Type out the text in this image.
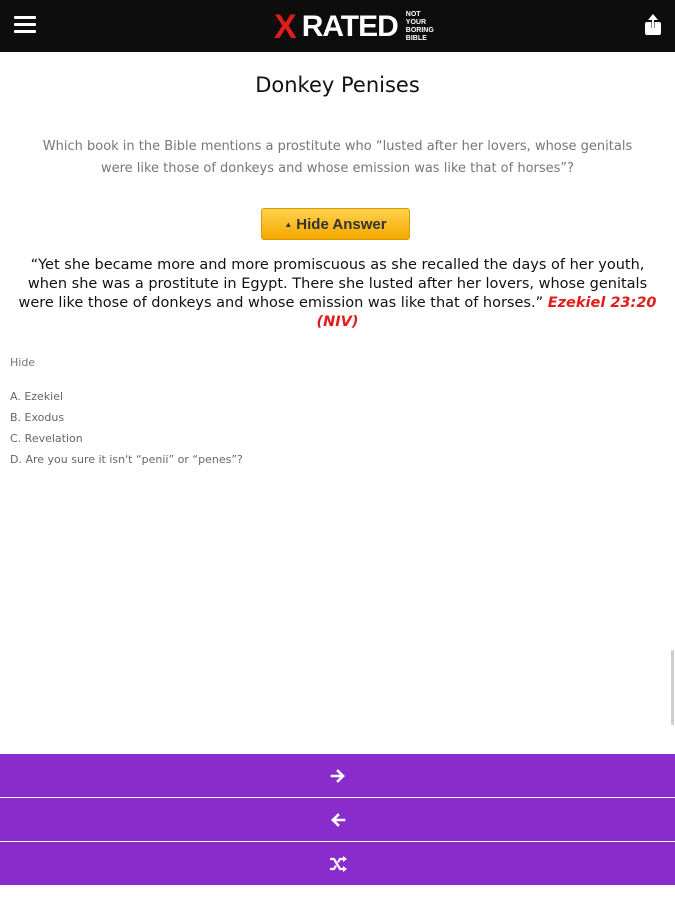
X RATED NOT YOUR
BORING
BIBLE
Donkey Penises
Which book in the Bible mentions a prostitute who “lusted after her lovers, whose genitals were like those of donkeys and whose emission was like that of horses”?
▲ Hide Answer
“Yet she became more and more promiscuous as she recalled the days of her youth, when she was a prostitute in Egypt. There she lusted after her lovers, whose genitals were like those of donkeys and whose emission was like that of horses.” Ezekiel 23:20 (NIV)
Hide
A. Ezekiel
B. Exodus
C. Revelation
D. Are you sure it isn't “penii” or “penes”?
